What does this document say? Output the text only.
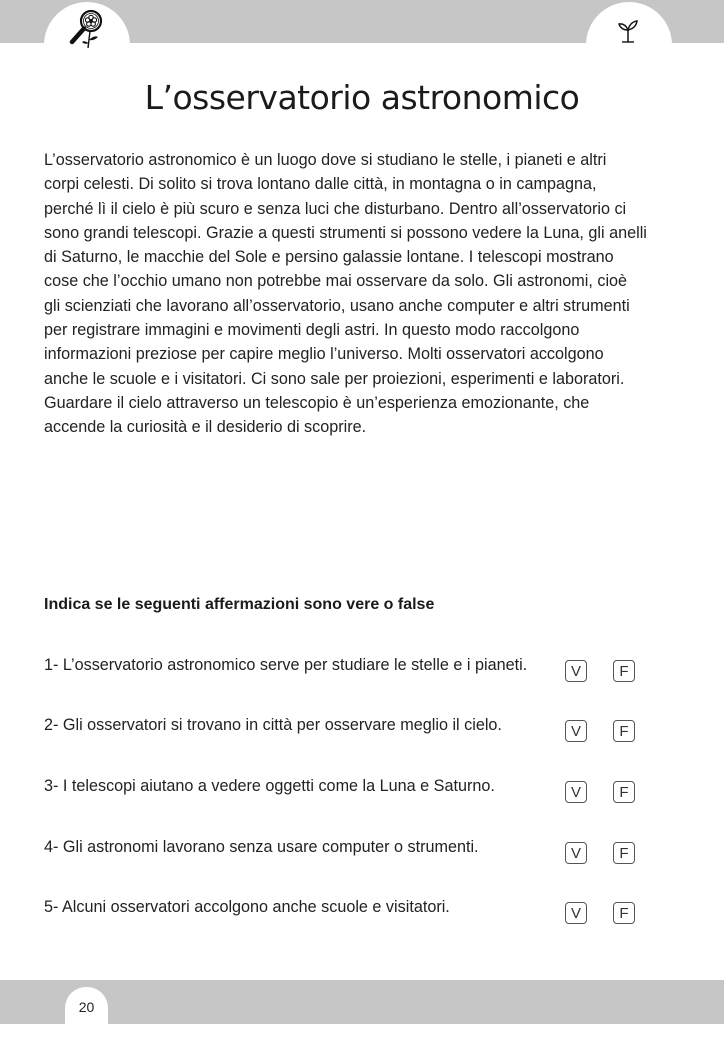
L’osservatorio astronomico
L’osservatorio astronomico è un luogo dove si studiano le stelle, i pianeti e altri
corpi celesti. Di solito si trova lontano dalle città, in montagna o in campagna,
perché lì il cielo è più scuro e senza luci che disturbano. Dentro all’osservatorio ci
sono grandi telescopi. Grazie a questi strumenti si possono vedere la Luna, gli anelli
di Saturno, le macchie del Sole e persino galassie lontane. I telescopi mostrano
cose che l’occhio umano non potrebbe mai osservare da solo. Gli astronomi, cioè
gli scienziati che lavorano all’osservatorio, usano anche computer e altri strumenti
per registrare immagini e movimenti degli astri. In questo modo raccolgono
informazioni preziose per capire meglio l’universo. Molti osservatori accolgono
anche le scuole e i visitatori. Ci sono sale per proiezioni, esperimenti e laboratori.
Guardare il cielo attraverso un telescopio è un’esperienza emozionante, che
accende la curiosità e il desiderio di scoprire.

Indica se le seguenti affermazioni sono vere o false

1- L’osservatorio astronomico serve per studiare le stelle e i pianeti.	V	F
2- Gli osservatori si trovano in città per osservare meglio il cielo.	V	F
3- I telescopi aiutano a vedere oggetti come la Luna e Saturno.	V	F
4- Gli astronomi lavorano senza usare computer o strumenti.	V	F
5- Alcuni osservatori accolgono anche scuole e visitatori.	V	F
20
